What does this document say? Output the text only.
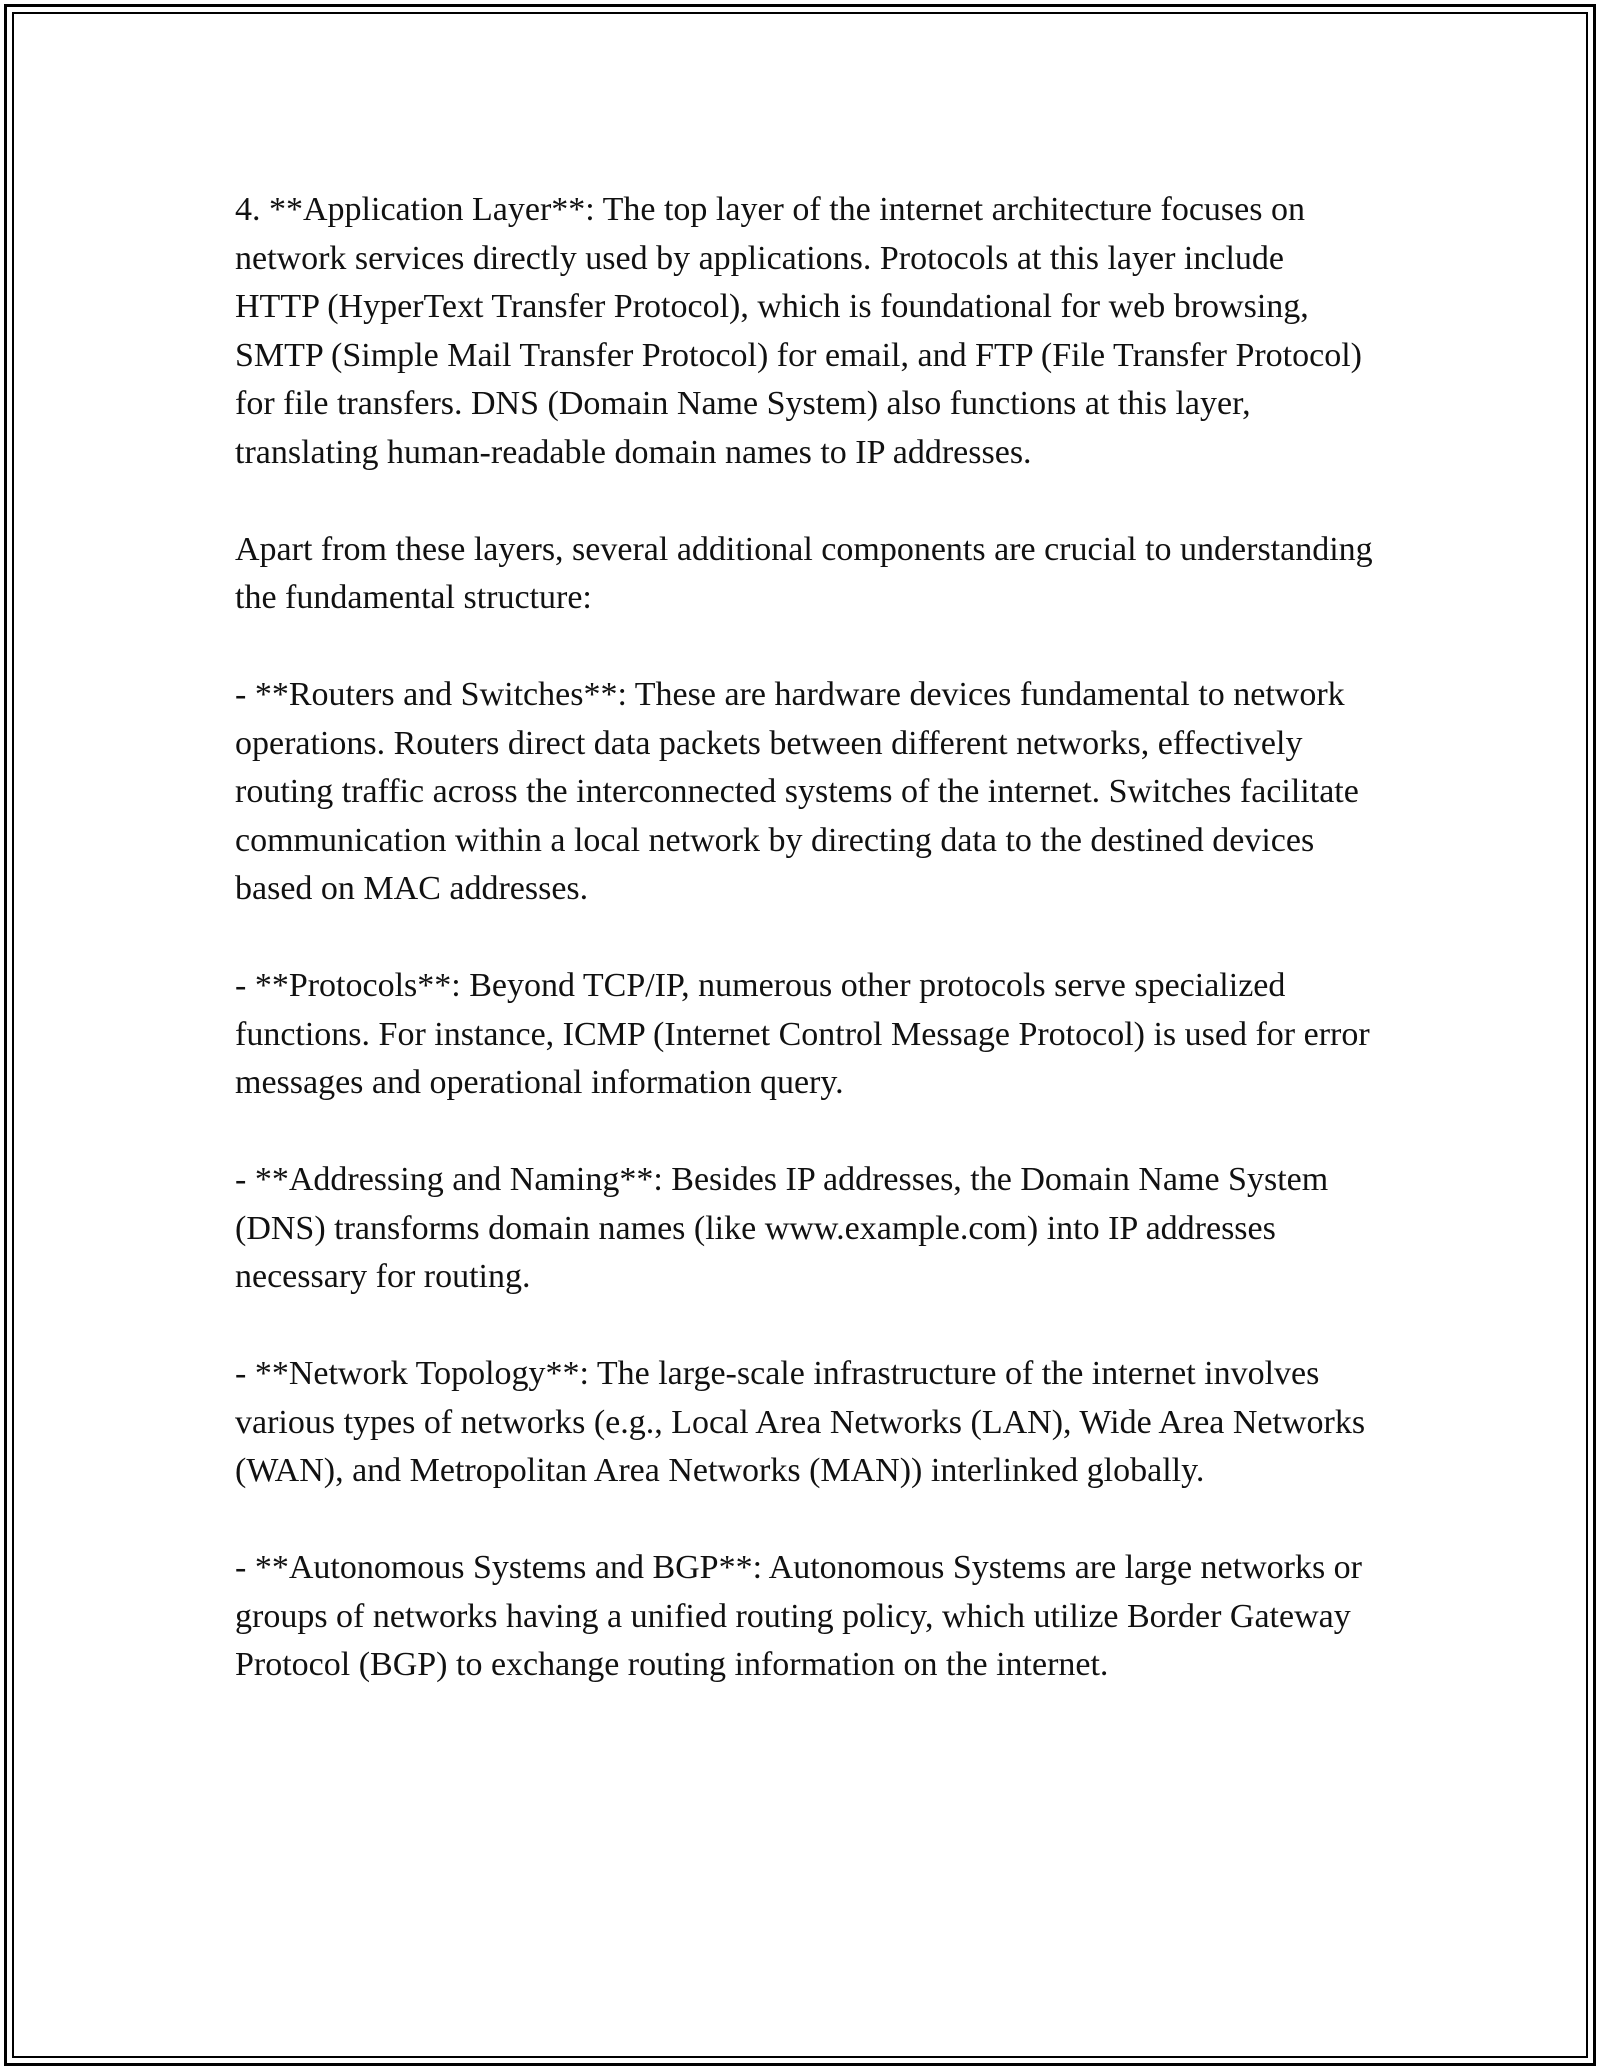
4. **Application Layer**: The top layer of the internet architecture focuses on network services directly used by applications. Protocols at this layer include HTTP (HyperText Transfer Protocol), which is foundational for web browsing, SMTP (Simple Mail Transfer Protocol) for email, and FTP (File Transfer Protocol) for file transfers. DNS (Domain Name System) also functions at this layer, translating human-readable domain names to IP addresses.

Apart from these layers, several additional components are crucial to understanding the fundamental structure:

- **Routers and Switches**: These are hardware devices fundamental to network operations. Routers direct data packets between different networks, effectively routing traffic across the interconnected systems of the internet. Switches facilitate communication within a local network by directing data to the destined devices based on MAC addresses.

- **Protocols**: Beyond TCP/IP, numerous other protocols serve specialized functions. For instance, ICMP (Internet Control Message Protocol) is used for error messages and operational information query.

- **Addressing and Naming**: Besides IP addresses, the Domain Name System (DNS) transforms domain names (like www.example.com) into IP addresses necessary for routing.

- **Network Topology**: The large-scale infrastructure of the internet involves various types of networks (e.g., Local Area Networks (LAN), Wide Area Networks (WAN), and Metropolitan Area Networks (MAN)) interlinked globally.

- **Autonomous Systems and BGP**: Autonomous Systems are large networks or groups of networks having a unified routing policy, which utilize Border Gateway Protocol (BGP) to exchange routing information on the internet.
